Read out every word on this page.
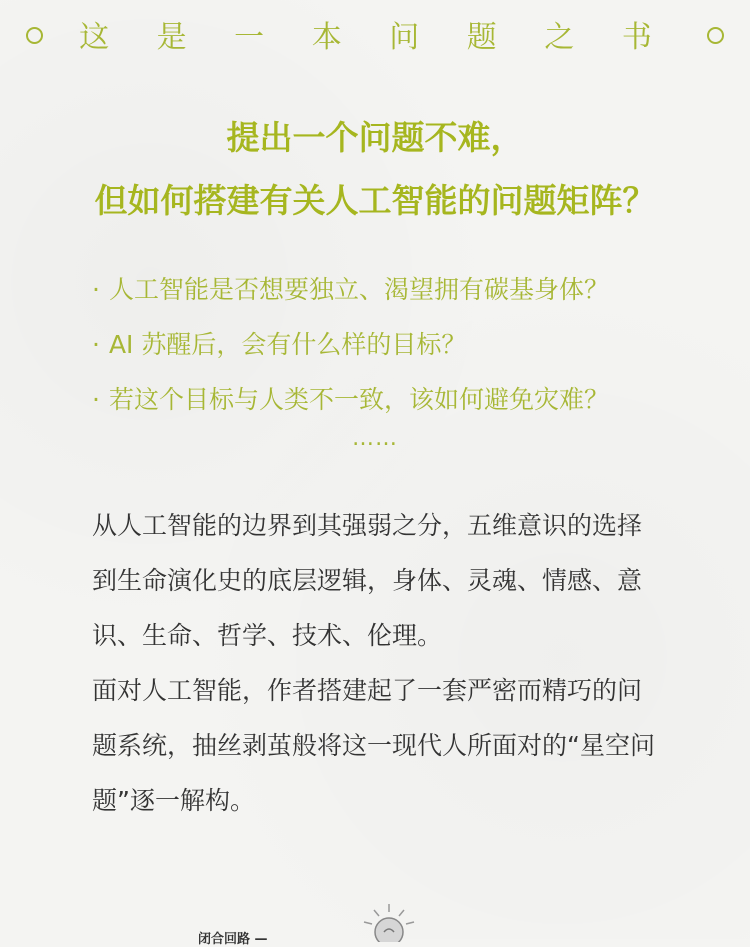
这 是 一 本 问 题 之 书
提出一个问题不难，
但如何搭建有关人工智能的问题矩阵？
· 人工智能是否想要独立、渴望拥有碳基身体？
· AI 苏醒后，会有什么样的目标？
· 若这个目标与人类不一致，该如何避免灾难？
……

从人工智能的边界到其强弱之分，五维意识的选择到生命演化史的底层逻辑，身体、灵魂、情感、意识、生命、哲学、技术、伦理。

面对人工智能，作者搭建起了一套严密而精巧的问题系统，抽丝剥茧般将这一现代人所面对的“星空问题”逐一解构。

闭合回路 —
